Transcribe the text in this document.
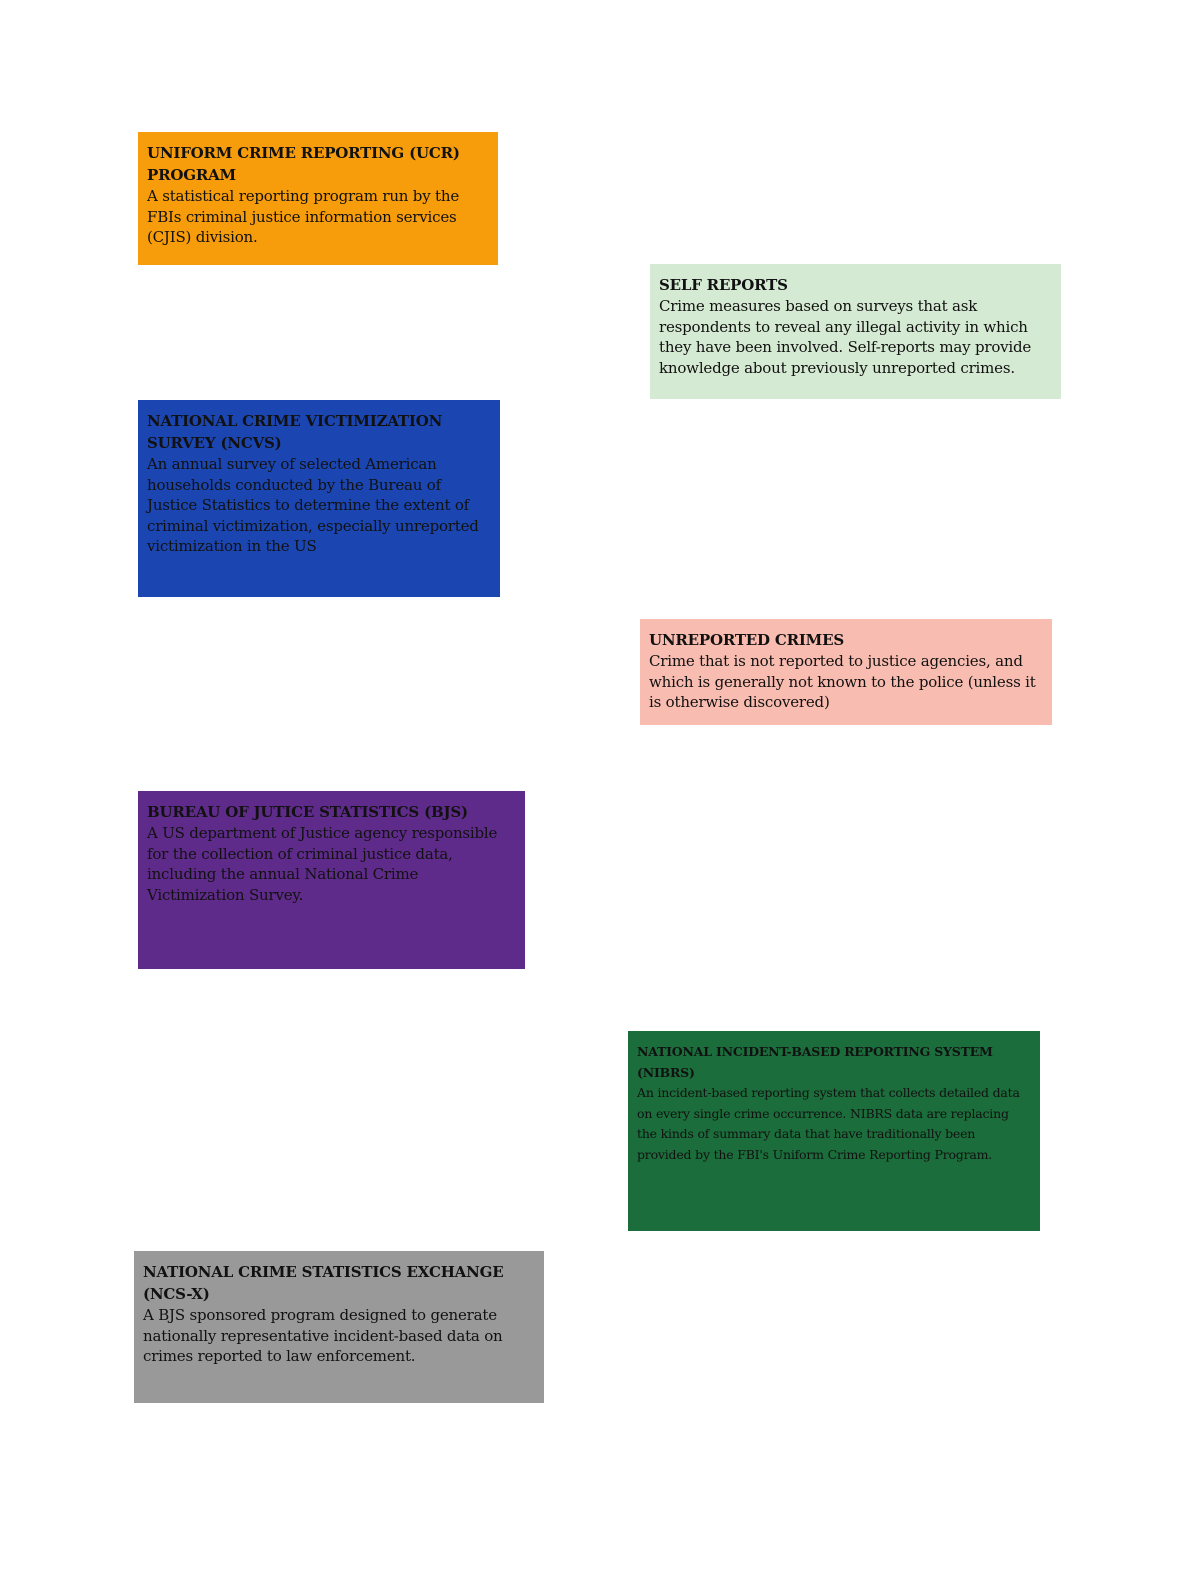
UNIFORM CRIME REPORTING (UCR) PROGRAM

A statistical reporting program run by the FBIs criminal justice information services (CJIS) division.

SELF REPORTS

Crime measures based on surveys that ask respondents to reveal any illegal activity in which they have been involved. Self-reports may provide knowledge about previously unreported crimes.

NATIONAL CRIME VICTIMIZATION SURVEY (NCVS)

An annual survey of selected American households conducted by the Bureau of Justice Statistics to determine the extent of criminal victimization, especially unreported victimization in the US

UNREPORTED CRIMES

Crime that is not reported to justice agencies, and which is generally not known to the police (unless it is otherwise discovered)

BUREAU OF JUTICE STATISTICS (BJS)

A US department of Justice agency responsible for the collection of criminal justice data, including the annual National Crime Victimization Survey.

NATIONAL INCIDENT-BASED REPORTING SYSTEM (NIBRS)

An incident-based reporting system that collects detailed data on every single crime occurrence. NIBRS data are replacing the kinds of summary data that have traditionally been provided by the FBI's Uniform Crime Reporting Program.

NATIONAL CRIME STATISTICS EXCHANGE (NCS-X)

A BJS sponsored program designed to generate nationally representative incident-based data on crimes reported to law enforcement.
